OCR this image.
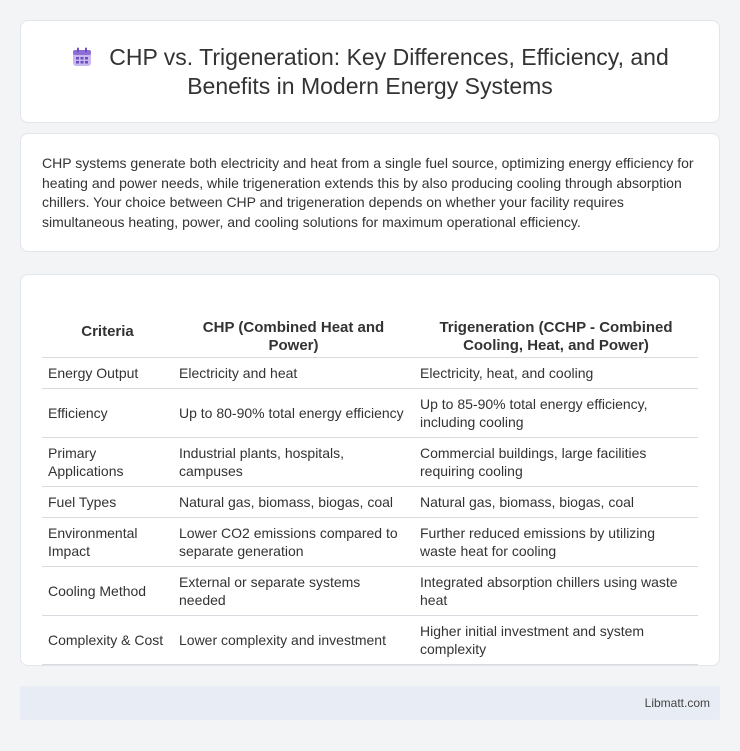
CHP vs. Trigeneration: Key Differences, Efficiency, and
Benefits in Modern Energy Systems

CHP systems generate both electricity and heat from a single fuel source, optimizing energy efficiency for heating and power needs, while trigeneration extends this by also producing cooling through absorption chillers. Your choice between CHP and trigeneration depends on whether your facility requires simultaneous heating, power, and cooling solutions for maximum operational efficiency.

Criteria	CHP (Combined Heat and Power)	Trigeneration (CCHP - Combined Cooling, Heat, and Power)
Energy Output	Electricity and heat	Electricity, heat, and cooling
Efficiency	Up to 80-90% total energy efficiency	Up to 85-90% total energy efficiency, including cooling
Primary Applications	Industrial plants, hospitals, campuses	Commercial buildings, large facilities requiring cooling
Fuel Types	Natural gas, biomass, biogas, coal	Natural gas, biomass, biogas, coal
Environmental Impact	Lower CO2 emissions compared to separate generation	Further reduced emissions by utilizing waste heat for cooling
Cooling Method	External or separate systems needed	Integrated absorption chillers using waste heat
Complexity & Cost	Lower complexity and investment	Higher initial investment and system complexity
Libmatt.com
